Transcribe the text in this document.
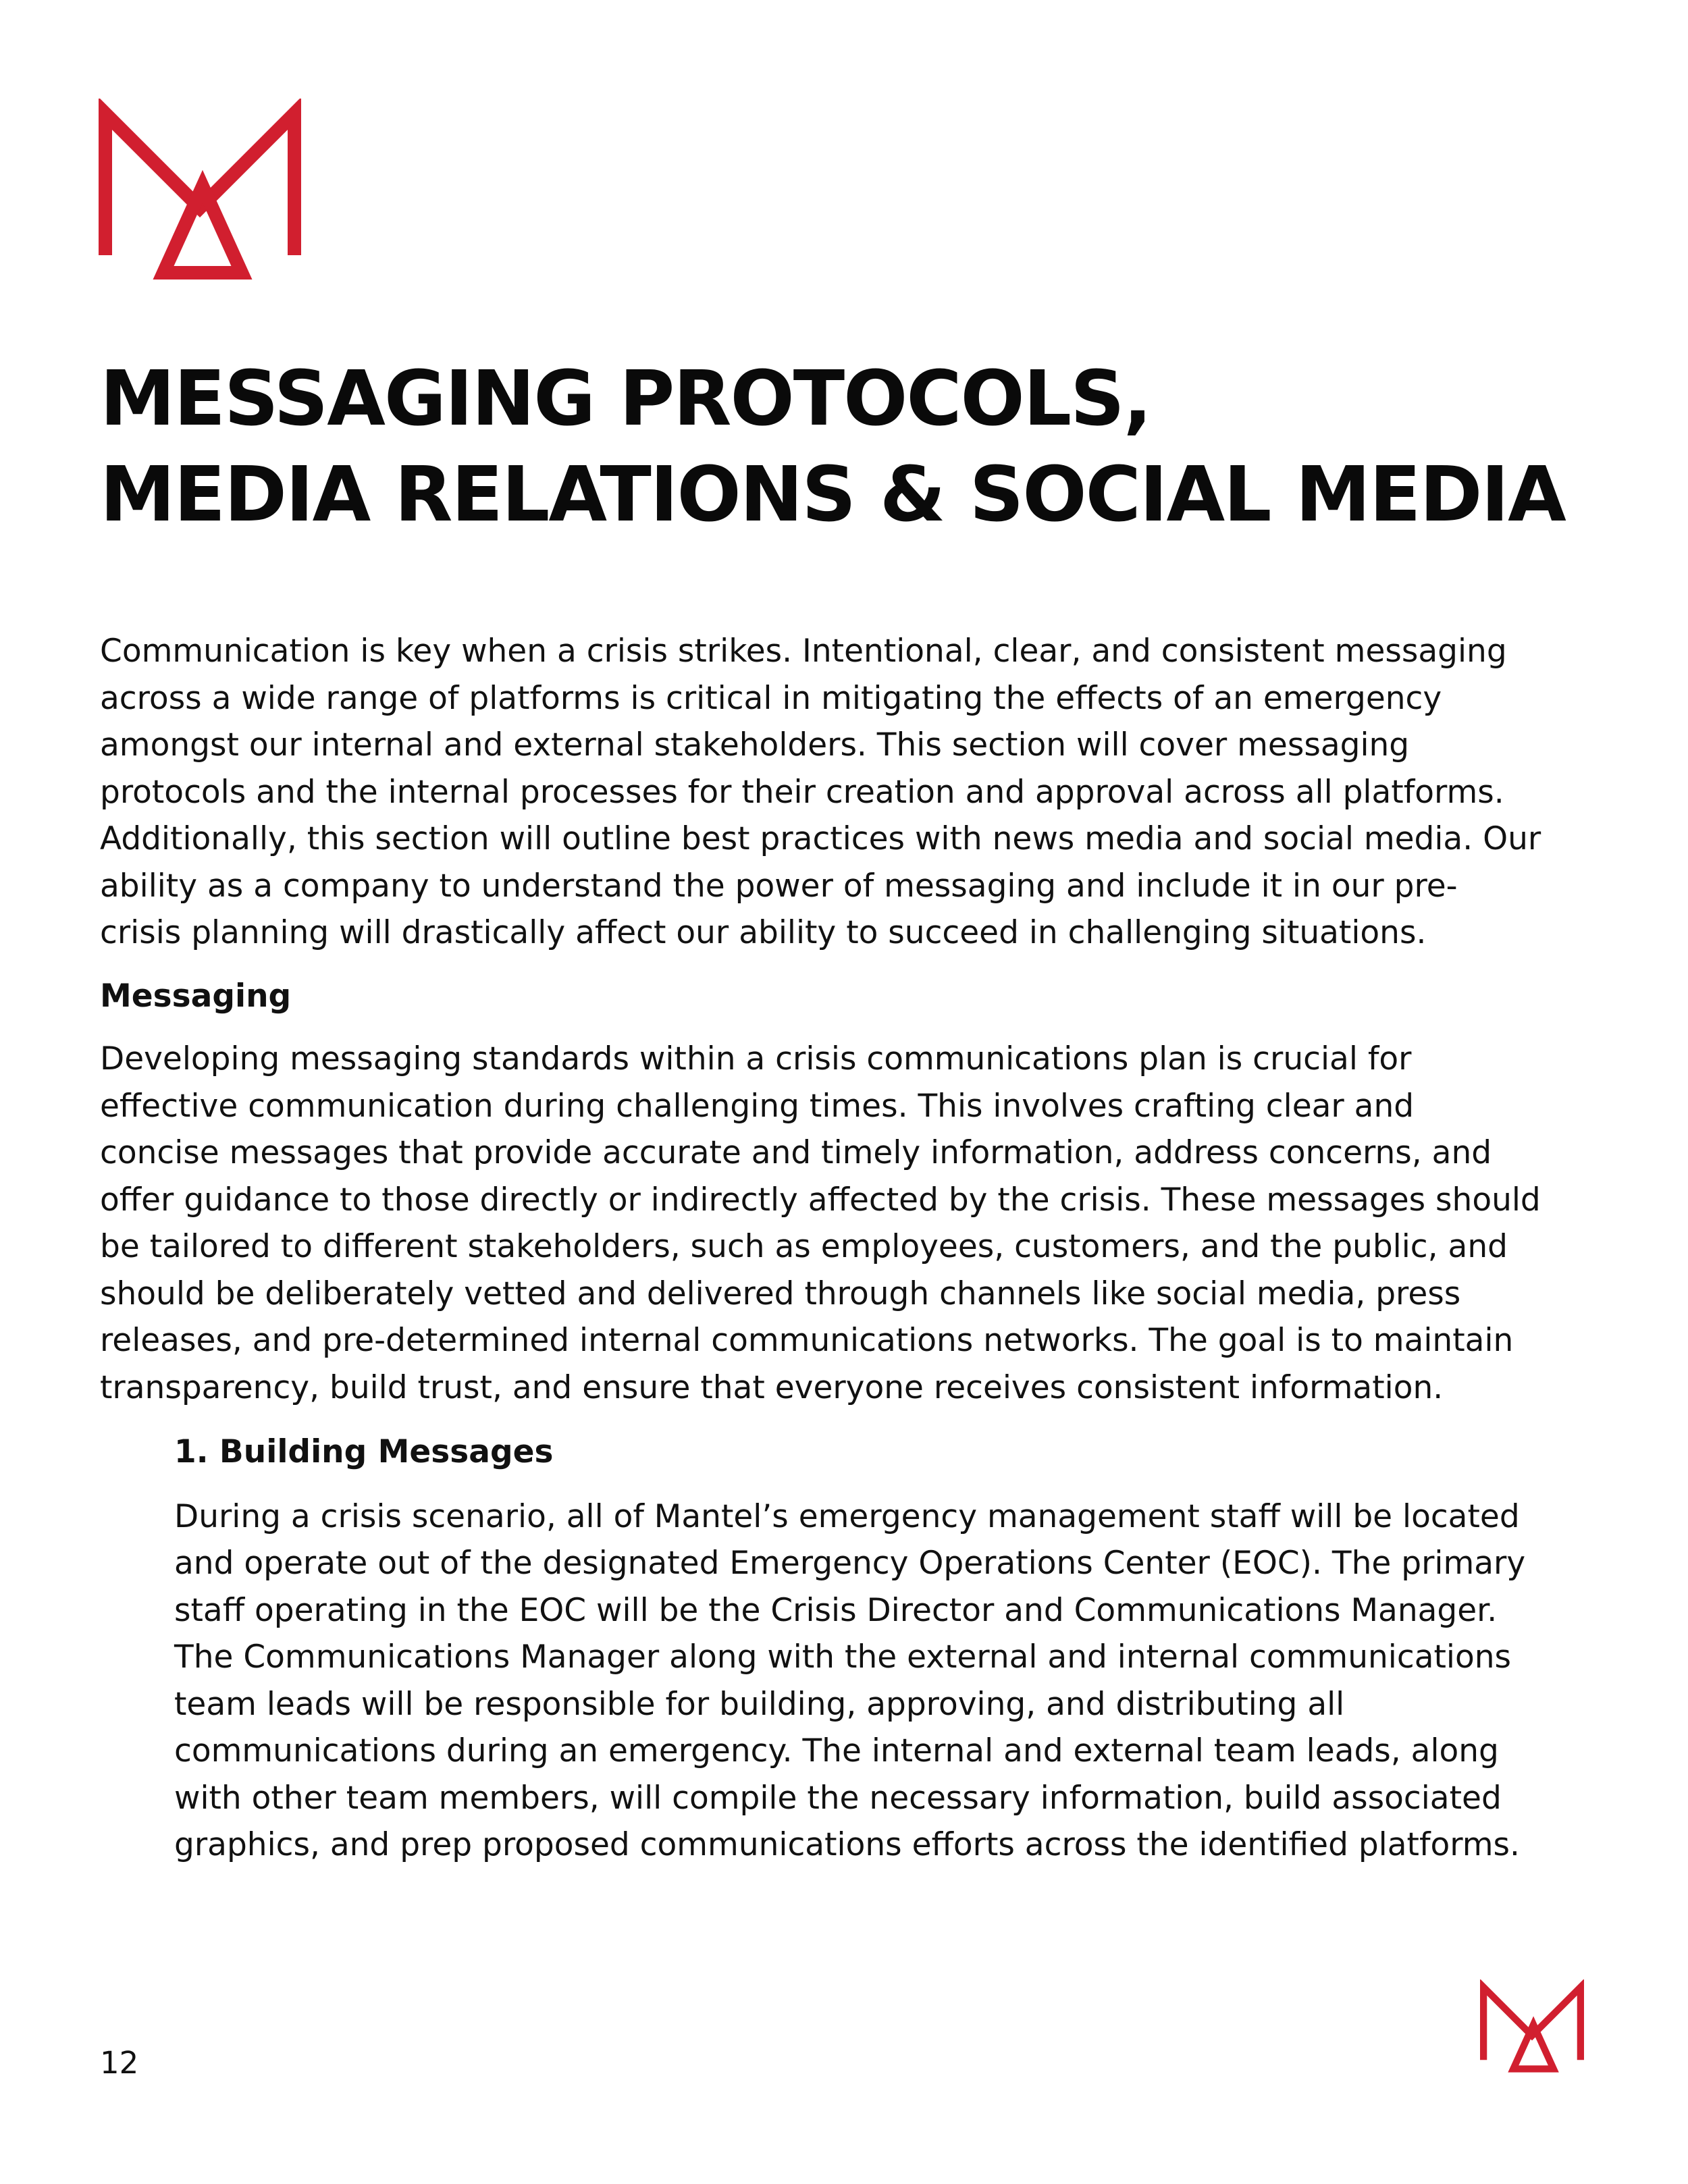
MESSAGING PROTOCOLS,
MEDIA RELATIONS & SOCIAL MEDIA

Communication is key when a crisis strikes. Intentional, clear, and consistent messaging
across a wide range of platforms is critical in mitigating the effects of an emergency
amongst our internal and external stakeholders. This section will cover messaging
protocols and the internal processes for their creation and approval across all platforms.
Additionally, this section will outline best practices with news media and social media. Our
ability as a company to understand the power of messaging and include it in our pre-
crisis planning will drastically affect our ability to succeed in challenging situations.

Messaging

Developing messaging standards within a crisis communications plan is crucial for
effective communication during challenging times. This involves crafting clear and
concise messages that provide accurate and timely information, address concerns, and
offer guidance to those directly or indirectly affected by the crisis. These messages should
be tailored to different stakeholders, such as employees, customers, and the public, and
should be deliberately vetted and delivered through channels like social media, press
releases, and pre-determined internal communications networks. The goal is to maintain
transparency, build trust, and ensure that everyone receives consistent information.

1. Building Messages

During a crisis scenario, all of Mantel’s emergency management staff will be located
and operate out of the designated Emergency Operations Center (EOC). The primary
staff operating in the EOC will be the Crisis Director and Communications Manager.
The Communications Manager along with the external and internal communications
team leads will be responsible for building, approving, and distributing all
communications during an emergency. The internal and external team leads, along
with other team members, will compile the necessary information, build associated
graphics, and prep proposed communications efforts across the identified platforms.

12
